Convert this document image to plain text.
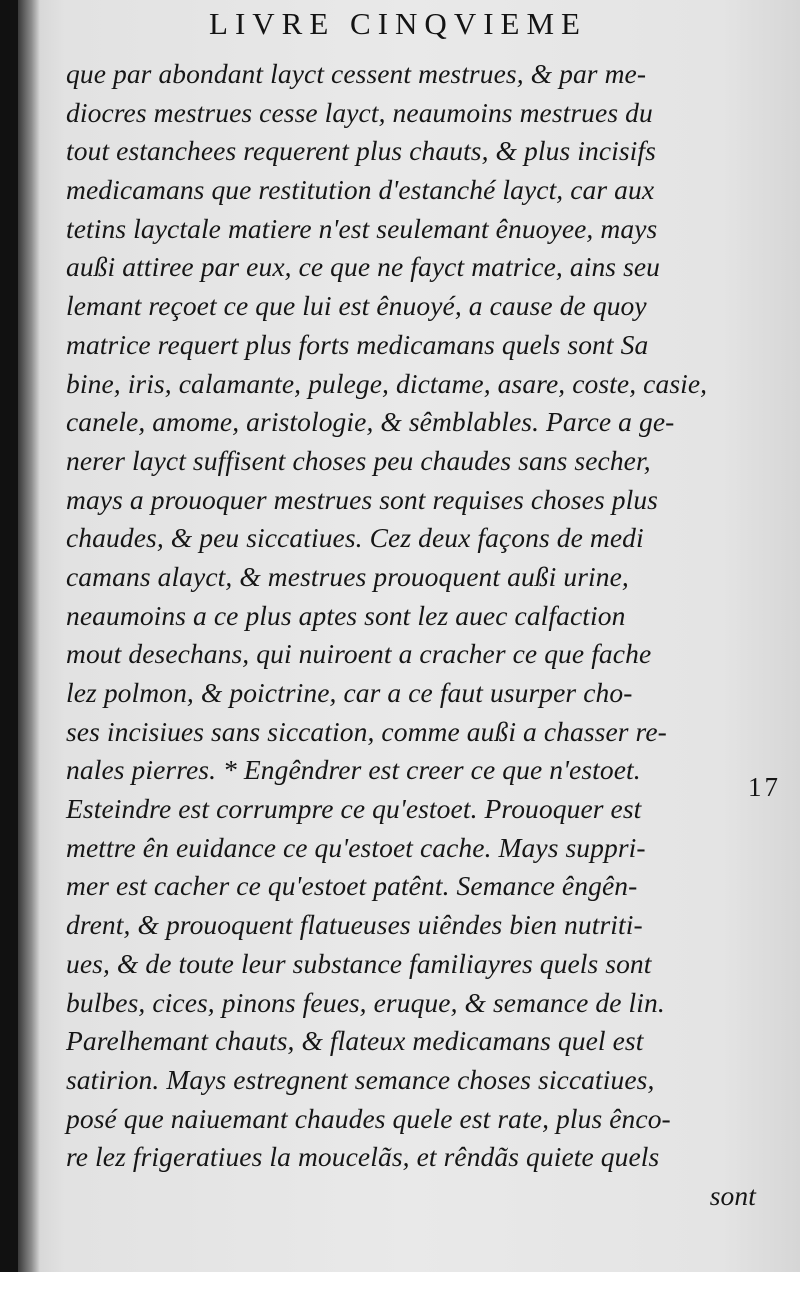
LIVRE CINQVIEME
que par abondant layct cessent mestrues, & par me-
diocres mestrues cesse layct, neaumoins mestrues du
tout estanchees requerent plus chauts, & plus incisifs
medicamans que restitution d'estanché layct, car aux
tetins layctale matiere n'est seulemant ênuoyee, mays
außi attiree par eux, ce que ne fayct matrice, ains seu
lemant reçoet ce que lui est ênuoyé, a cause de quoy
matrice requert plus forts medicamans quels sont Sa
bine, iris, calamante, pulege, dictame, asare, coste, casie,
canele, amome, aristologie, & sêmblables. Parce a ge-
nerer layct suffisent choses peu chaudes sans secher,
mays a prouoquer mestrues sont requises choses plus
chaudes, & peu siccatiues. Cez deux façons de medi
camans alayct, & mestrues prouoquent außi urine,
neaumoins a ce plus aptes sont lez auec calfaction
mout desechans, qui nuiroent a cracher ce que fache
lez polmon, & poictrine, car a ce faut usurper cho-
ses incisiues sans siccation, comme außi a chasser re-
nales pierres. * Engêndrer est creer ce que n'estoet.
Esteindre est corrumpre ce qu'estoet. Prouoquer est
mettre ên euidance ce qu'estoet cache. Mays suppri-
mer est cacher ce qu'estoet patênt. Semance êngên-
drent, & prouoquent flatueuses uiêndes bien nutriti-
ues, & de toute leur substance familiayres quels sont
bulbes, cices, pinons feues, eruque, & semance de lin.
Parelhemant chauts, & flateux medicamans quel est
satirion. Mays estregnent semance choses siccatiues,
posé que naiuemant chaudes quele est rate, plus ênco-
re lez frigeratiues la moucelãs, et rêndãs quiete quels
sont
17
